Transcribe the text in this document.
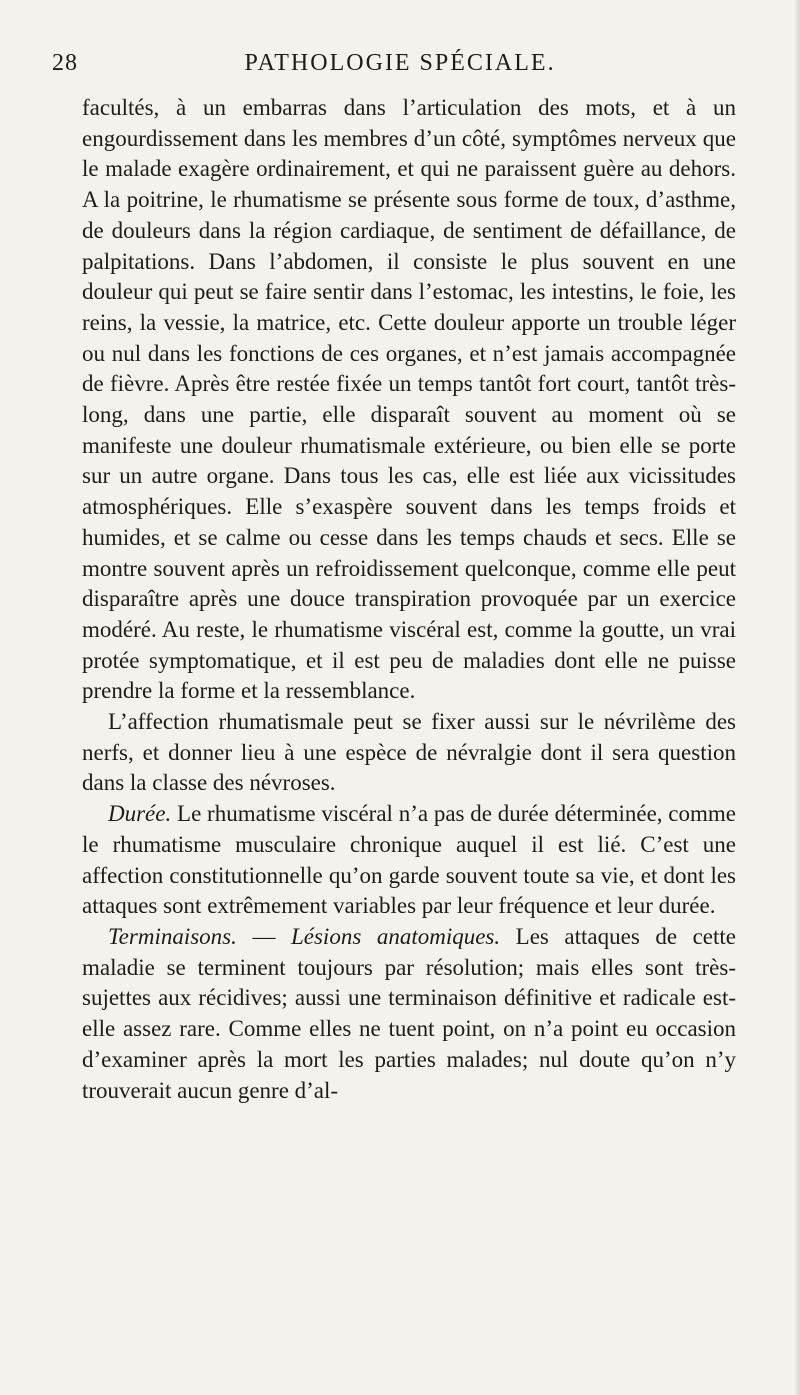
28	PATHOLOGIE SPÉCIALE.

facultés, à un embarras dans l’articulation des mots, et à un engourdissement dans les membres d’un côté, symptômes nerveux que le malade exagère ordinairement, et qui ne paraissent guère au dehors. A la poitrine, le rhumatisme se présente sous forme de toux, d’asthme, de douleurs dans la région cardiaque, de sentiment de défaillance, de palpitations. Dans l’abdomen, il consiste le plus souvent en une douleur qui peut se faire sentir dans l’estomac, les intestins, le foie, les reins, la vessie, la matrice, etc. Cette douleur apporte un trouble léger ou nul dans les fonctions de ces organes, et n’est jamais accompagnée de fièvre. Après être restée fixée un temps tantôt fort court, tantôt très-long, dans une partie, elle disparaît souvent au moment où se manifeste une douleur rhumatismale extérieure, ou bien elle se porte sur un autre organe. Dans tous les cas, elle est liée aux vicissitudes atmosphériques. Elle s’exaspère souvent dans les temps froids et humides, et se calme ou cesse dans les temps chauds et secs. Elle se montre souvent après un refroidissement quelconque, comme elle peut disparaître après une douce transpiration provoquée par un exercice modéré. Au reste, le rhumatisme viscéral est, comme la goutte, un vrai protée symptomatique, et il est peu de maladies dont elle ne puisse prendre la forme et la ressemblance.

L’affection rhumatismale peut se fixer aussi sur le névrilème des nerfs, et donner lieu à une espèce de névralgie dont il sera question dans la classe des névroses.

Durée. Le rhumatisme viscéral n’a pas de durée déterminée, comme le rhumatisme musculaire chronique auquel il est lié. C’est une affection constitutionnelle qu’on garde souvent toute sa vie, et dont les attaques sont extrêmement variables par leur fréquence et leur durée.

Terminaisons. — Lésions anatomiques. Les attaques de cette maladie se terminent toujours par résolution; mais elles sont très-sujettes aux récidives; aussi une terminaison définitive et radicale est-elle assez rare. Comme elles ne tuent point, on n’a point eu occasion d’examiner après la mort les parties malades; nul doute qu’on n’y trouverait aucun genre d’al-
